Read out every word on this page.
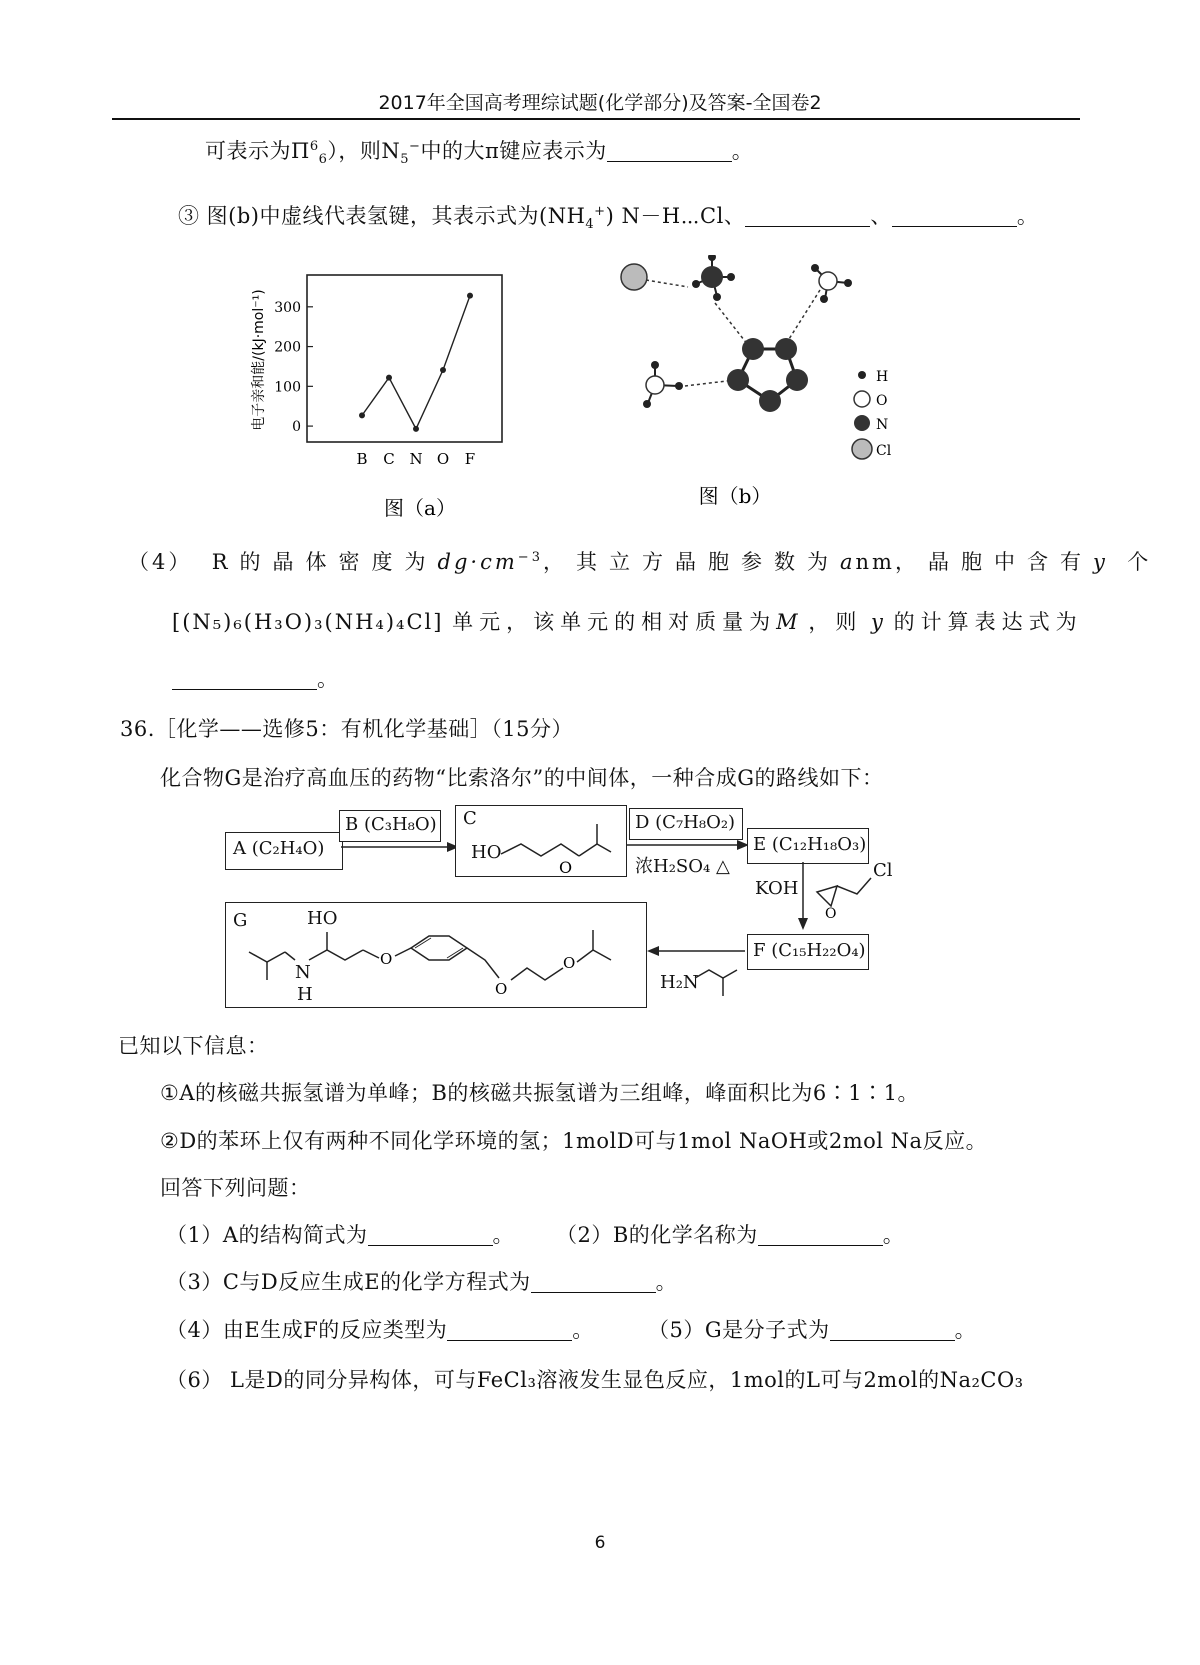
2017年全国高考理综试题(化学部分)及答案-全国卷2
可表示为$\Pi^6_6$），则$N_5^-$中的大π键应表示为	。
③ 图(b)中虚线代表氢键，其表示式为$(NH_4^+)$ N－H⋯Cl、	、	。
电子亲和能/(kJ·mol⁻¹) 0
100
200
300
B C N O F
图（a）
H
O
N
Cl
图（b）
（4） R的晶体密度为$dg\cdot cm^{-3}$，其立方晶胞参数为anm，晶胞中含有y 个
[(N₅)₆(H₃O)₃(NH₄)₄Cl] 单元，该单元的相对质量为M ，则 y 的计算表达式为
。
36.［化学——选修5：有机化学基础］（15分）
化合物G是治疗高血压的药物“比索洛尔”的中间体，一种合成G的路线如下：
A (C₂H₄O)
B (C₃H₈O) C
HO
O
D (C₇H₈O₂)
浓H₂SO₄ △
E (C₁₂H₁₈O₃)
KOH
O
Cl
F (C₁₅H₂₂O₄)
H₂N
G	HO
N
H
O
O
O
已知以下信息：
①A的核磁共振氢谱为单峰；B的核磁共振氢谱为三组峰，峰面积比为6∶1∶1。
②D的苯环上仅有两种不同化学环境的氢；1molD可与1mol NaOH或2mol Na反应。
回答下列问题：
（1）A的结构简式为	。 （2）B的化学名称为	。
（3）C与D反应生成E的化学方程式为	。
（4）由E生成F的反应类型为	。	（5）G是分子式为	。
（6） L是D的同分异构体，可与FeCl₃溶液发生显色反应，1mol的L可与2mol的Na₂CO₃
6
